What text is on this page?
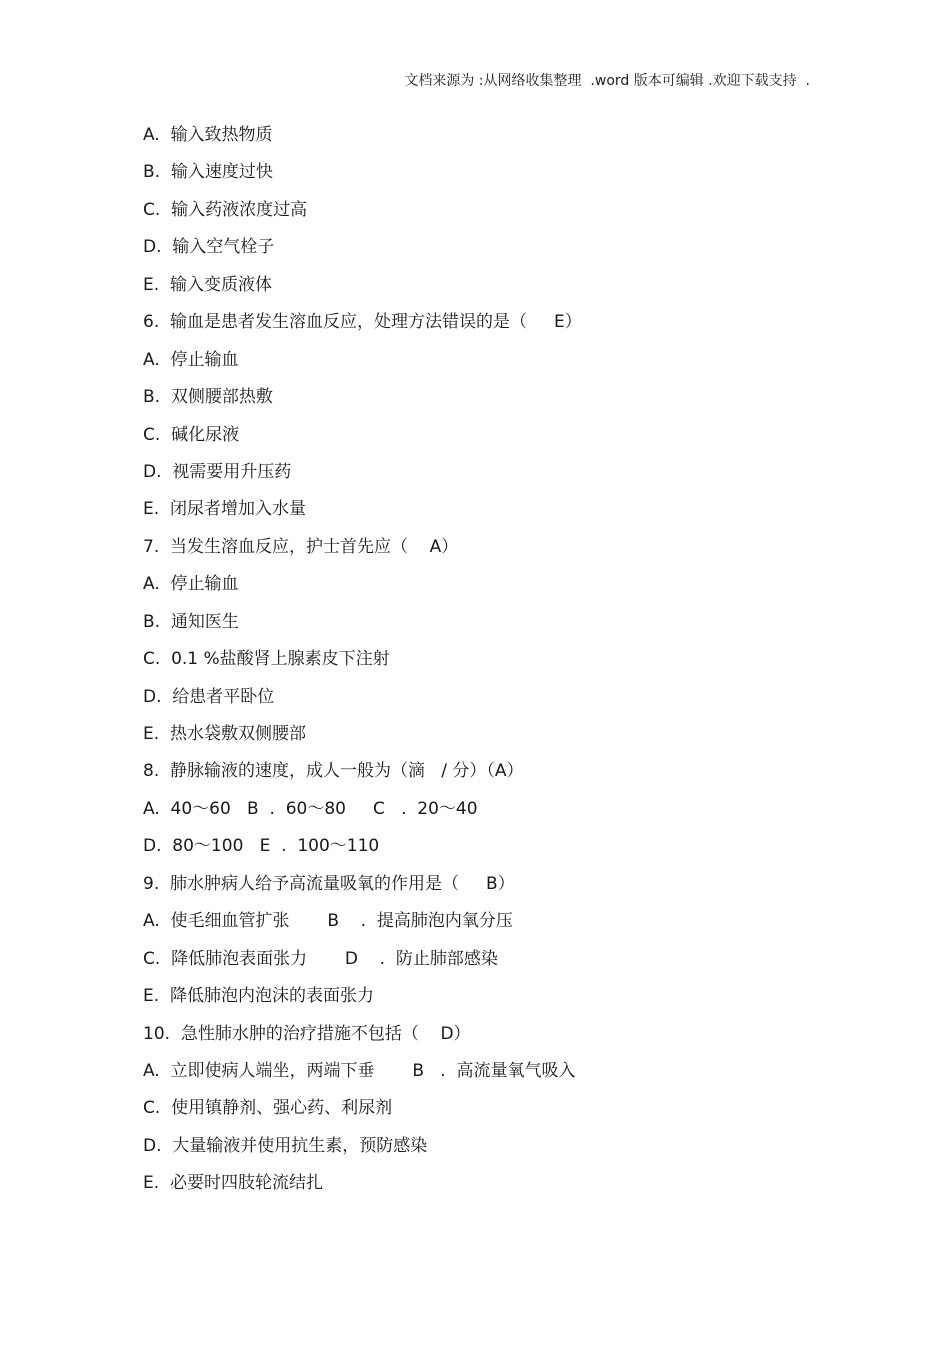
文档来源为 :从网络收集整理  .word 版本可编辑 .欢迎下载支持  .
A.  输入致热物质
B.  输入速度过快
C.  输入药液浓度过高
D.  输入空气栓子
E.  输入变质液体
6.  输血是患者发生溶血反应，处理方法错误的是（     E）
A.  停止输血
B.  双侧腰部热敷
C.  碱化尿液
D.  视需要用升压药
E.  闭尿者增加入水量
7.  当发生溶血反应，护士首先应（    A）
A.  停止输血
B.  通知医生
C.  0.1 %盐酸肾上腺素皮下注射
D.  给患者平卧位
E.  热水袋敷双侧腰部
8.  静脉输液的速度，成人一般为（滴   / 分）（A）
A.  40～60   B  .  60～80     C   .  20～40
D.  80～100   E  .  100～110
9.  肺水肿病人给予高流量吸氧的作用是（     B）
A.  使毛细血管扩张       B    .  提高肺泡内氧分压
C.  降低肺泡表面张力       D    .  防止肺部感染
E.  降低肺泡内泡沫的表面张力
10.  急性肺水肿的治疗措施不包括（    D）
A.  立即使病人端坐，两端下垂       B   .  高流量氧气吸入
C.  使用镇静剂、强心药、利尿剂
D.  大量输液并使用抗生素，预防感染
E.  必要时四肢轮流结扎
